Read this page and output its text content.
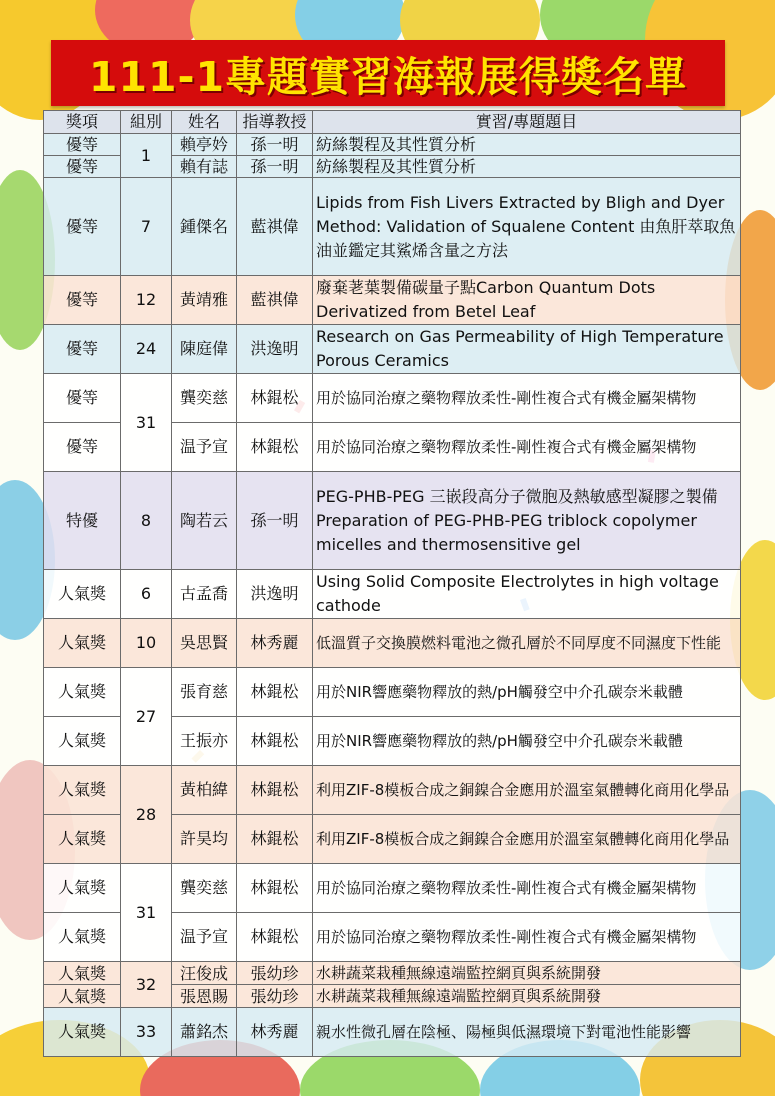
111-1專題實習海報展得獎名單
獎項	組別	姓名	指導教授	實習/專題題目
優等	1	賴亭妗	孫一明	紡絲製程及其性質分析
優等		賴有誌	孫一明	紡絲製程及其性質分析
優等	7	鍾傑名	藍祺偉	Lipids from Fish Livers Extracted by Bligh and Dyer Method: Validation of Squalene Content 由魚肝萃取魚油並鑑定其鯊烯含量之方法
優等	12	黃靖雅	藍祺偉	廢棄荖葉製備碳量子點Carbon Quantum Dots Derivatized from Betel Leaf
優等	24	陳庭偉	洪逸明	Research on Gas Permeability of High Temperature Porous Ceramics
優等	31	龔奕慈	林錕松	用於協同治療之藥物釋放柔性-剛性複合式有機金屬架構物
優等		温予宣	林錕松	用於協同治療之藥物釋放柔性-剛性複合式有機金屬架構物
特優	8	陶若云	孫一明	PEG-PHB-PEG 三嵌段高分子微胞及熱敏感型凝膠之製備 Preparation of PEG-PHB-PEG triblock copolymer micelles and thermosensitive gel
人氣獎	6	古孟喬	洪逸明	Using Solid Composite Electrolytes in high voltage cathode
人氣獎	10	吳思賢	林秀麗	低溫質子交換膜燃料電池之微孔層於不同厚度不同濕度下性能
人氣獎	27	張育慈	林錕松	用於NIR響應藥物釋放的熱/pH觸發空中介孔碳奈米載體
人氣獎		王振亦	林錕松	用於NIR響應藥物釋放的熱/pH觸發空中介孔碳奈米載體
人氣獎	28	黃柏緯	林錕松	利用ZIF-8模板合成之銅鎳合金應用於溫室氣體轉化商用化學品
人氣獎		許昊均	林錕松	利用ZIF-8模板合成之銅鎳合金應用於溫室氣體轉化商用化學品
人氣獎	31	龔奕慈	林錕松	用於協同治療之藥物釋放柔性-剛性複合式有機金屬架構物
人氣獎		温予宣	林錕松	用於協同治療之藥物釋放柔性-剛性複合式有機金屬架構物
人氣獎	32	汪俊成	張幼珍	水耕蔬菜栽種無線遠端監控網頁與系統開發
人氣獎		張恩賜	張幼珍	水耕蔬菜栽種無線遠端監控網頁與系統開發
人氣獎	33	蕭銘杰	林秀麗	親水性微孔層在陰極、陽極與低濕環境下對電池性能影響
